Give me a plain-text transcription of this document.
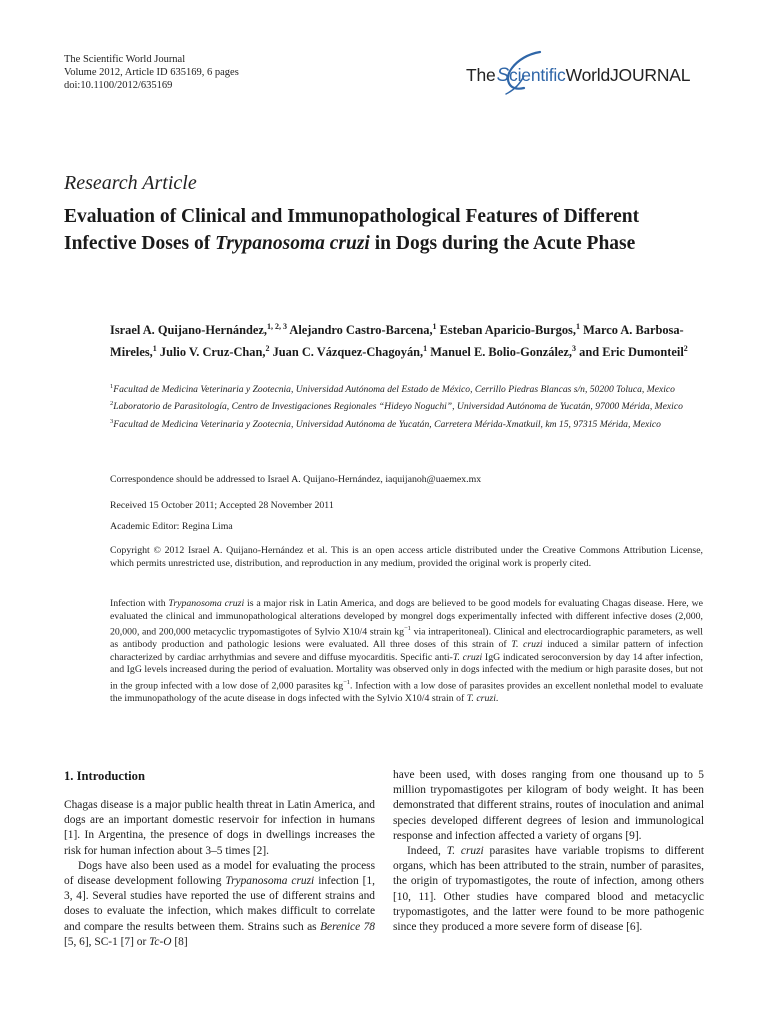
The Scientific World Journal
Volume 2012, Article ID 635169, 6 pages
doi:10.1100/2012/635169
TheScientificWorldJOURNAL
Research Article
Evaluation of Clinical and Immunopathological Features of Different Infective Doses of Trypanosoma cruzi in Dogs during the Acute Phase
Israel A. Quijano-Hernández,$^{1, 2, 3}$ Alejandro Castro-Barcena,$^1$ Esteban Aparicio-Burgos,$^1$ Marco A. Barbosa-Mireles,$^1$ Julio V. Cruz-Chan,$^2$ Juan C. Vázquez-Chagoyán,$^1$ Manuel E. Bolio-González,$^3$ and Eric Dumonteil$^2$
$^1$Facultad de Medicina Veterinaria y Zootecnia, Universidad Autónoma del Estado de México, Cerrillo Piedras Blancas s/n, 50200 Toluca, Mexico
$^2$Laboratorio de Parasitología, Centro de Investigaciones Regionales “Hideyo Noguchi”, Universidad Autónoma de Yucatán, 97000 Mérida, Mexico
$^3$Facultad de Medicina Veterinaria y Zootecnia, Universidad Autónoma de Yucatán, Carretera Mérida-Xmatkuil, km 15, 97315 Mérida, Mexico
Correspondence should be addressed to Israel A. Quijano-Hernández, iaquijanoh@uaemex.mx
Received 15 October 2011; Accepted 28 November 2011
Academic Editor: Regina Lima
Copyright © 2012 Israel A. Quijano-Hernández et al. This is an open access article distributed under the Creative Commons Attribution License, which permits unrestricted use, distribution, and reproduction in any medium, provided the original work is properly cited.
Infection with Trypanosoma cruzi is a major risk in Latin America, and dogs are believed to be good models for evaluating Chagas disease. Here, we evaluated the clinical and immunopathological alterations developed by mongrel dogs experimentally infected with different infective doses (2,000, 20,000, and 200,000 metacyclic trypomastigotes of Sylvio X10/4 strain $kg^{-1}$ via intraperitoneal). Clinical and electrocardiographic parameters, as well as antibody production and pathologic lesions were evaluated. All three doses of this strain of T. cruzi induced a similar pattern of infection characterized by cardiac arrhythmias and severe and diffuse myocarditis. Specific anti-T. cruzi IgG indicated seroconversion by day 14 after infection, and IgG levels increased during the period of evaluation. Mortality was observed only in dogs infected with the medium or high parasite doses, but not in the group infected with a low dose of 2,000 parasites $kg^{-1}$. Infection with a low dose of parasites provides an excellent nonlethal model to evaluate the immunopathology of the acute disease in dogs infected with the Sylvio X10/4 strain of T. cruzi.
1. Introduction

Chagas disease is a major public health threat in Latin America, and dogs are an important domestic reservoir for infection in humans [1]. In Argentina, the presence of dogs in dwellings increases the risk for human infection about 3–5 times [2].

Dogs have also been used as a model for evaluating the process of disease development following Trypanosoma cruzi infection [1, 3, 4]. Several studies have reported the use of different strains and doses to evaluate the infection, which makes difficult to correlate and compare the results between them. Strains such as Berenice 78 [5, 6], SC-1 [7] or Tc-O [8]

have been used, with doses ranging from one thousand up to 5 million trypomastigotes per kilogram of body weight. It has been demonstrated that different strains, routes of inoculation and animal species developed different degrees of lesion and immunological response and infection affected a variety of organs [9].

Indeed, T. cruzi parasites have variable tropisms to different organs, which has been attributed to the strain, number of parasites, the origin of trypomastigotes, the route of infection, among others [10, 11]. Other studies have compared blood and metacyclic trypomastigotes, and the latter were found to be more pathogenic since they produced a more severe form of disease [6].
